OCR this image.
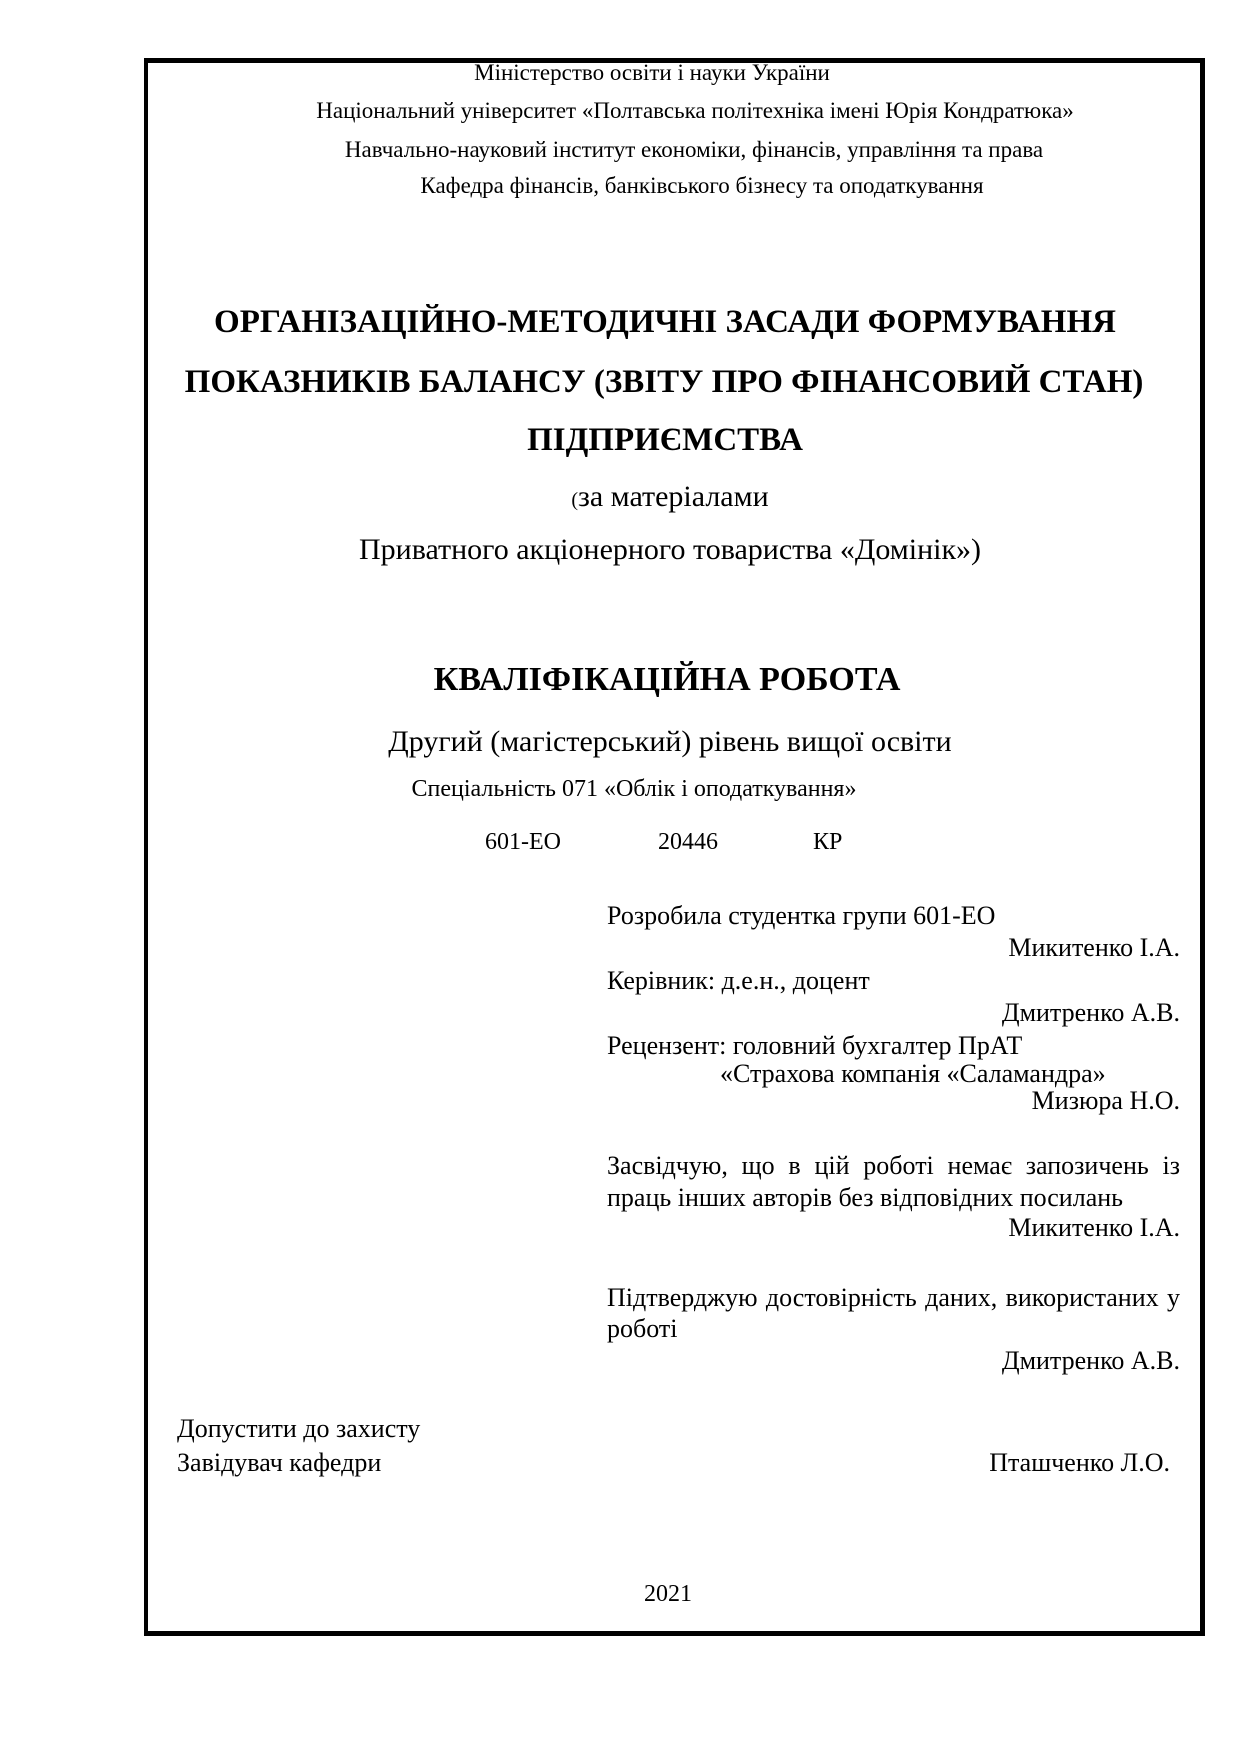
Міністерство освіти і науки України
Національний університет «Полтавська політехніка імені Юрія Кондратюка»
Навчально-науковий інститут економіки, фінансів, управління та права
Кафедра фінансів, банківського бізнесу та оподаткування
ОРГАНІЗАЦІЙНО-МЕТОДИЧНІ ЗАСАДИ ФОРМУВАННЯ
ПОКАЗНИКІВ БАЛАНСУ (ЗВІТУ ПРО ФІНАНСОВИЙ СТАН)
ПІДПРИЄМСТВА
(за матеріалами
Приватного акціонерного товариства «Домінік»)
КВАЛІФІКАЦІЙНА РОБОТА
Другий (магістерський) рівень вищої освіти
Спеціальність 071 «Облік і оподаткування»
601-ЕО	20446	КР
Розробила студентка групи 601-ЕО
Микитенко І.А.
Керівник: д.е.н., доцент
Дмитренко А.В.
Рецензент: головний бухгалтер ПрАТ
«Страхова компанія «Саламандра»
Мизюра Н.О.
Засвідчую, що в цій роботі немає запозичень із
праць інших авторів без відповідних посилань
Микитенко І.А.
Підтверджую достовірність даних, використаних у
роботі
Дмитренко А.В.
Допустити до захисту
Завідувач кафедри	Пташченко Л.О.
2021
